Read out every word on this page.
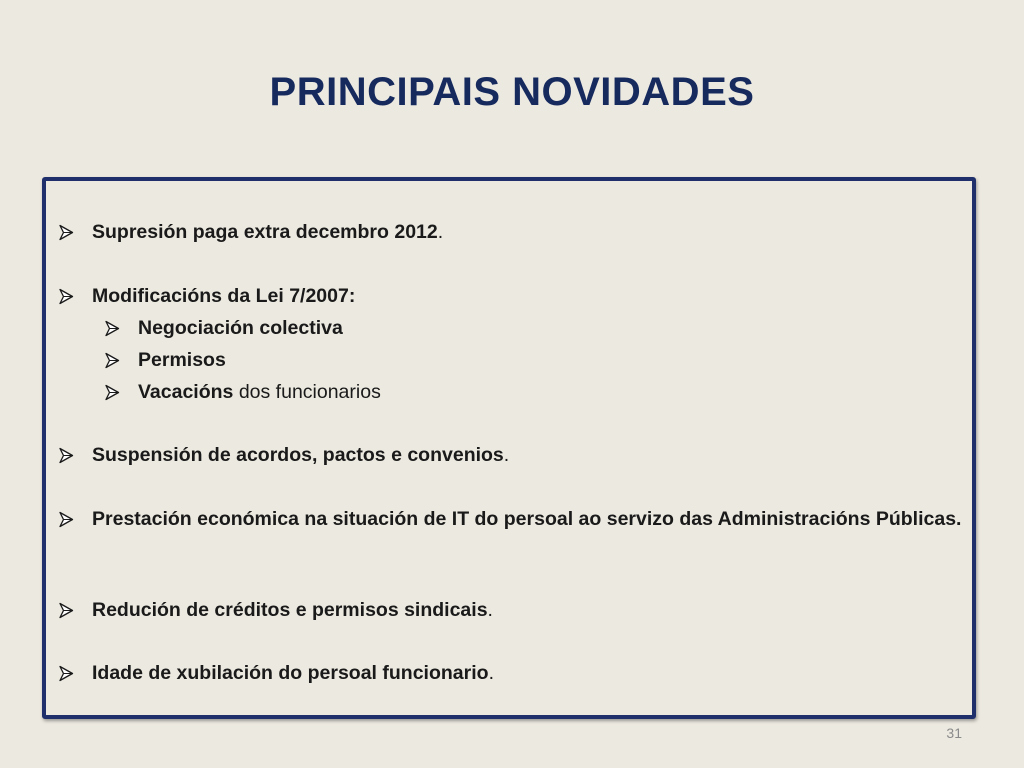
PRINCIPAIS NOVIDADES
Supresión paga extra decembro 2012.
Modificacións da Lei 7/2007:
Negociación colectiva
Permisos
Vacacións dos funcionarios
Suspensión de acordos, pactos e convenios.
Prestación económica na situación de IT do persoal ao servizo das Administracións Públicas.
Redución de créditos e permisos sindicais.
Idade de xubilación do persoal funcionario.
31
